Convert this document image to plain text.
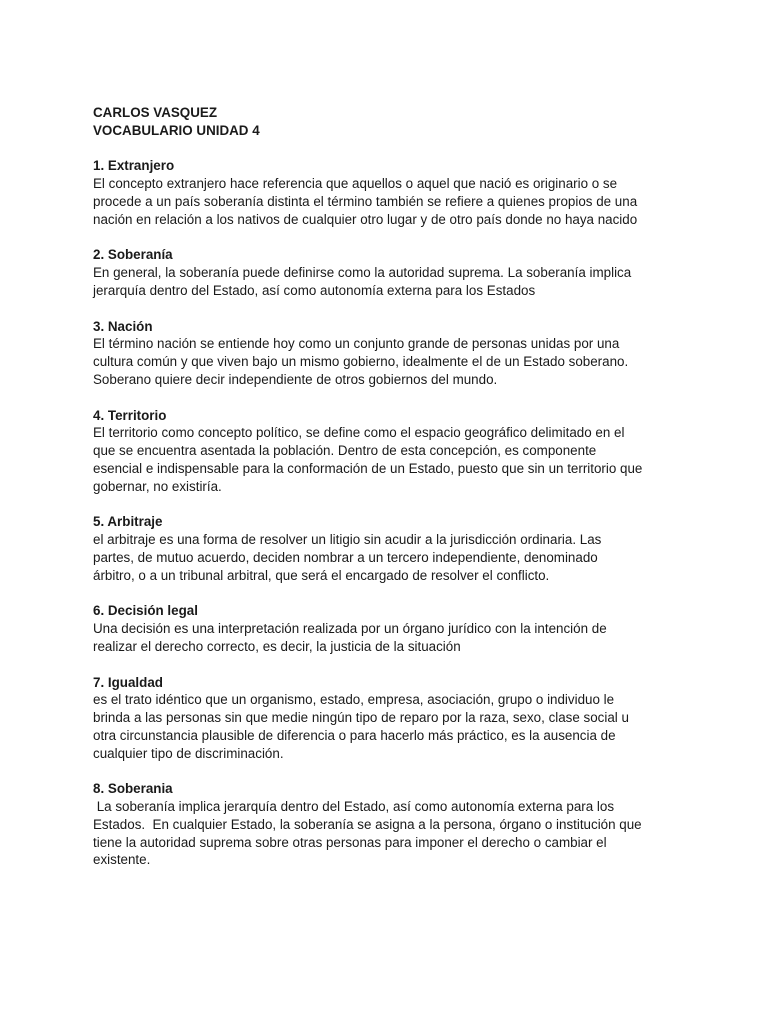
CARLOS VASQUEZ

VOCABULARIO UNIDAD 4

1. Extranjero

El concepto extranjero hace referencia que aquellos o aquel que nació es originario o se
procede a un país soberanía distinta el término también se refiere a quienes propios de una
nación en relación a los nativos de cualquier otro lugar y de otro país donde no haya nacido

2. Soberanía

En general, la soberanía puede definirse como la autoridad suprema. La soberanía implica
jerarquía dentro del Estado, así como autonomía externa para los Estados

3. Nación

El término nación se entiende hoy como un conjunto grande de personas unidas por una
cultura común y que viven bajo un mismo gobierno, idealmente el de un Estado soberano.
Soberano quiere decir independiente de otros gobiernos del mundo.

4. Territorio

El territorio como concepto político, se define como el espacio geográfico delimitado en el
que se encuentra asentada la población. Dentro de esta concepción, es componente
esencial e indispensable para la conformación de un Estado, puesto que sin un territorio que
gobernar, no existiría.

5. Arbitraje

el arbitraje es una forma de resolver un litigio sin acudir a la jurisdicción ordinaria. Las
partes, de mutuo acuerdo, deciden nombrar a un tercero independiente, denominado
árbitro, o a un tribunal arbitral, que será el encargado de resolver el conflicto.

6. Decisión legal

Una decisión es una interpretación realizada por un órgano jurídico con la intención de
realizar el derecho correcto, es decir, la justicia de la situación

7. Igualdad

es el trato idéntico que un organismo, estado, empresa, asociación, grupo o individuo le
brinda a las personas sin que medie ningún tipo de reparo por la raza, sexo, clase social u
otra circunstancia plausible de diferencia o para hacerlo más práctico, es la ausencia de
cualquier tipo de discriminación.

8. Soberania

La soberanía implica jerarquía dentro del Estado, así como autonomía externa para los
Estados.  En cualquier Estado, la soberanía se asigna a la persona, órgano o institución que
tiene la autoridad suprema sobre otras personas para imponer el derecho o cambiar el
existente.
